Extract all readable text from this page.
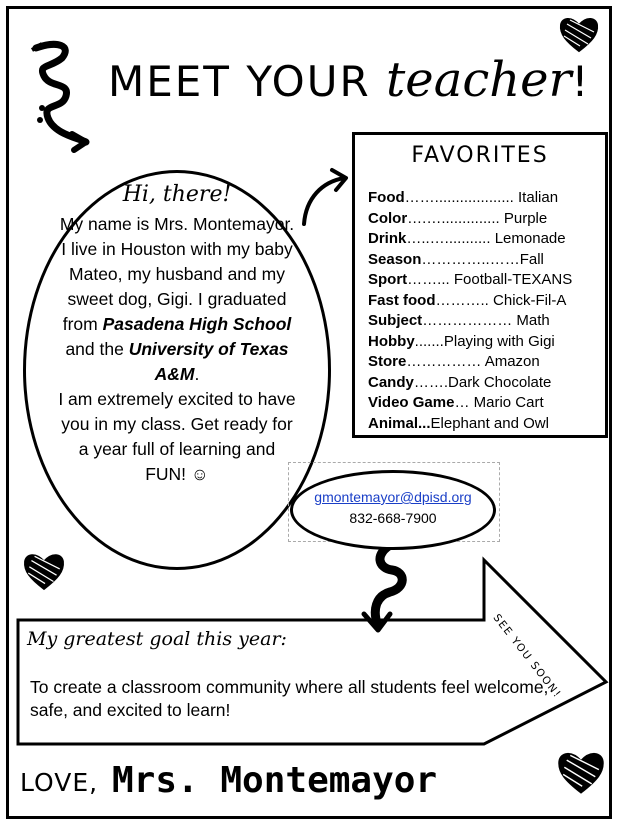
MEET YOUR teacher!
Hi, there!
My name is Mrs. Montemayor. I live in Houston with my baby Mateo, my husband and my sweet dog, Gigi. I graduated from Pasadena High School and the University of Texas A&M.
I am extremely excited to have you in my class. Get ready for a year full of learning and FUN! ☺
FAVORITES
Food……................... Italian
Color….….............. Purple
Drink…..…........... Lemonade
Season…………..……Fall
Sport……... Football-TEXANS
Fast food……….. Chick-Fil-A
Subject……………… Math
Hobby.......Playing with Gigi
Store…………… Amazon
Candy…….Dark Chocolate
Video Game… Mario Cart
Animal...Elephant and Owl
gmontemayor@dpisd.org
832-668-7900
My greatest goal this year:
To create a classroom community where all students feel welcome, safe, and excited to learn!
SEE YOU SOON!
LOVE, Mrs. Montemayor
